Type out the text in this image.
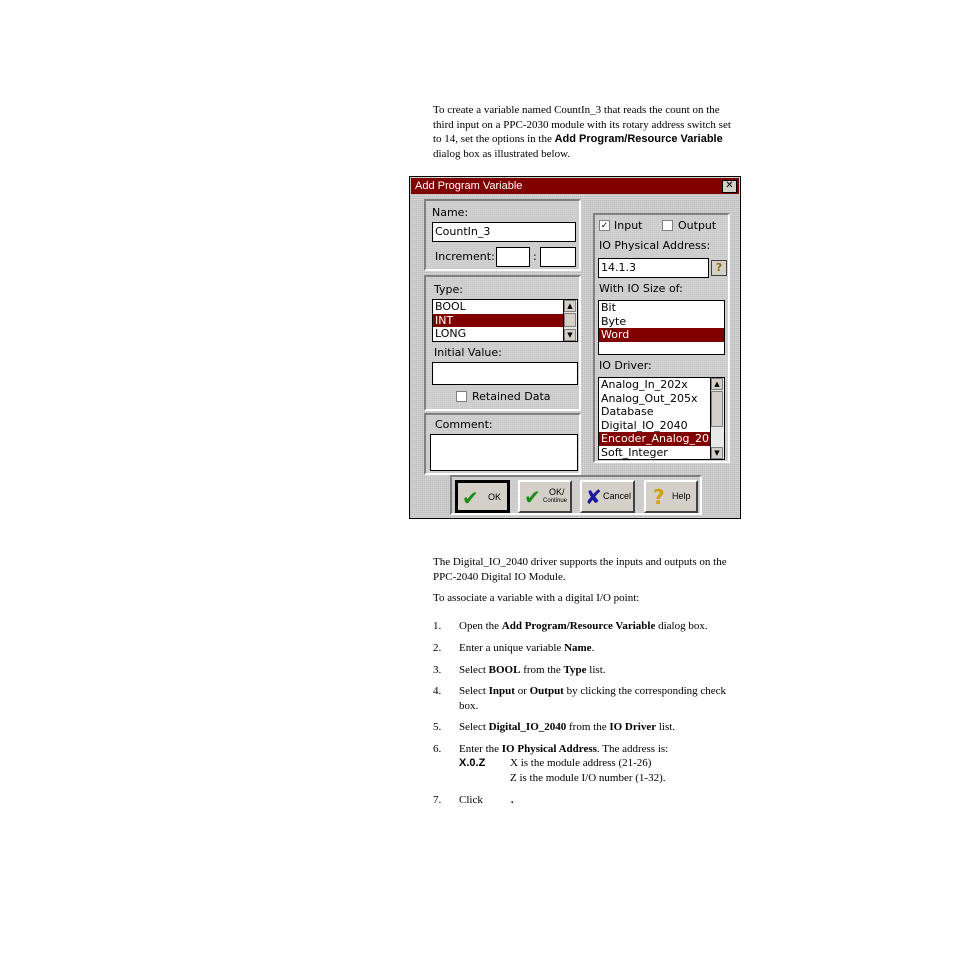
To create a variable named CountIn_3 that reads the count on the
third input on a PPC-2030 module with its rotary address switch set
to 14, set the options in the Add Program/Resource Variable
dialog box as illustrated below.
Add Program Variable	✕
Name:
CountIn_3
Increment:	:
Type:
BOOL
INT
LONG
▲
▼
Initial Value:
Retained Data
Comment:
✓ Input	Output
IO Physical Address:
14.1.3	?
With IO Size of:
Bit
Byte
Word
IO Driver:
Analog_In_202x
Analog_Out_205x
Database
Digital_IO_2040
Encoder_Analog_20
Soft_Integer
▲
▼
✔ OK ✔ OK/
Continue ✘ Cancel ? Help
The Digital_IO_2040 driver supports the inputs and outputs on the
PPC-2040 Digital IO Module.
To associate a variable with a digital I/O point:
1.	Open the Add Program/Resource Variable dialog box.
2.	Enter a unique variable Name.
3.	Select BOOL from the Type list.
4.	Select Input or Output by clicking the corresponding check
box.
5.	Select Digital_IO_2040 from the IO Driver list.
6.	Enter the IO Physical Address. The address is:
X.0.Z X is the module address (21-26)
Z is the module I/O number (1-32).
7.	Click	.
